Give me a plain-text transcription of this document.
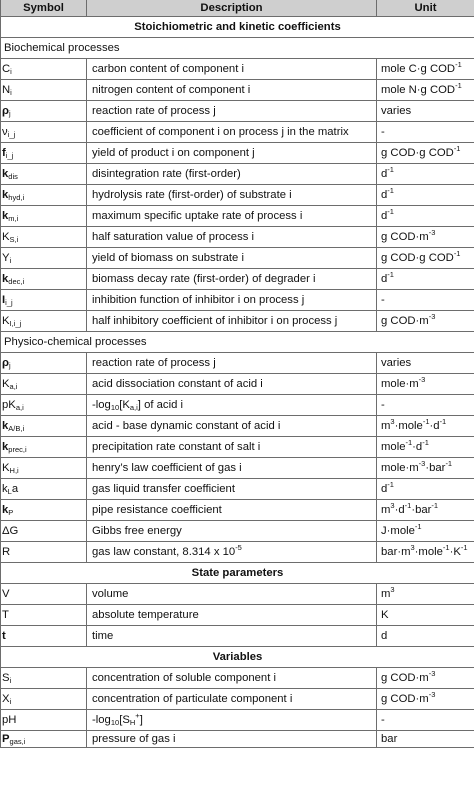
Symbol	Description	Unit
Stoichiometric and kinetic coefficients		
Biochemical processes		
$C_i$	carbon content of component i	mole C·g $COD^{-1}$
$N_i$	nitrogen content of component i	mole N·g $COD^{-1}$
$\rho_j$	reaction rate of process j	varies
$\nu_{i\_j}$	coefficient of component i on process j in the matrix	-
$f_{i\_j}$	yield of product i on component j	g COD·g $COD^{-1}$
$k_{dis}$	disintegration rate (first-order)	$d^{-1}$
$k_{hyd,i}$	hydrolysis rate (first-order) of substrate i	$d^{-1}$
$k_{m,i}$	maximum specific uptake rate of process i	$d^{-1}$
$K_{S,i}$	half saturation value of process i	g $COD\cdot m^{-3}$
$Y_i$	yield of biomass on substrate i	g COD·g $COD^{-1}$
$k_{dec,i}$	biomass decay rate (first-order) of degrader i	$d^{-1}$
$I_{i\_j}$	inhibition function of inhibitor i on process j	-
$K_{I,i\_j}$	half inhibitory coefficient of inhibitor i on process j	g $COD\cdot m^{-3}$
Physico-chemical processes		
$\rho_j$	reaction rate of process j	varies
$K_{a,i}$	acid dissociation constant of acid i	$mole\cdot m^{-3}$
$pK_{a,i}$	$-\log_{10}[K_{a,i}]$ of acid i	-
$k_{A/B,i}$	acid - base dynamic constant of acid i	$m^3\cdot mole^{-1}\cdot d^{-1}$
$k_{prec,i}$	precipitation rate constant of salt i	$mole^{-1}\cdot d^{-1}$
$K_{H,i}$	henry’s law coefficient of gas i	$mole\cdot m^{-3}\cdot bar^{-1}$
$k_La$	gas liquid transfer coefficient	$d^{-1}$
$k_P$	pipe resistance coefficient	$m^3\cdot d^{-1}\cdot bar^{-1}$
ΔG	Gibbs free energy	J·mole$^{-1}$
R	gas law constant, 8.314 x $10^{-5}$	$bar\cdot m^3\cdot mole^{-1}\cdot K^{-1}$
State parameters		
V	volume	$m^3$
T	absolute temperature	K
t	time	d
Variables		
$S_i$	concentration of soluble component i	g $COD\cdot m^{-3}$
$X_i$	concentration of particulate component i	g $COD\cdot m^{-3}$
pH	$-\log_{10}[S_H^+]$	-
$P_{gas,i}$	pressure of gas i	bar
